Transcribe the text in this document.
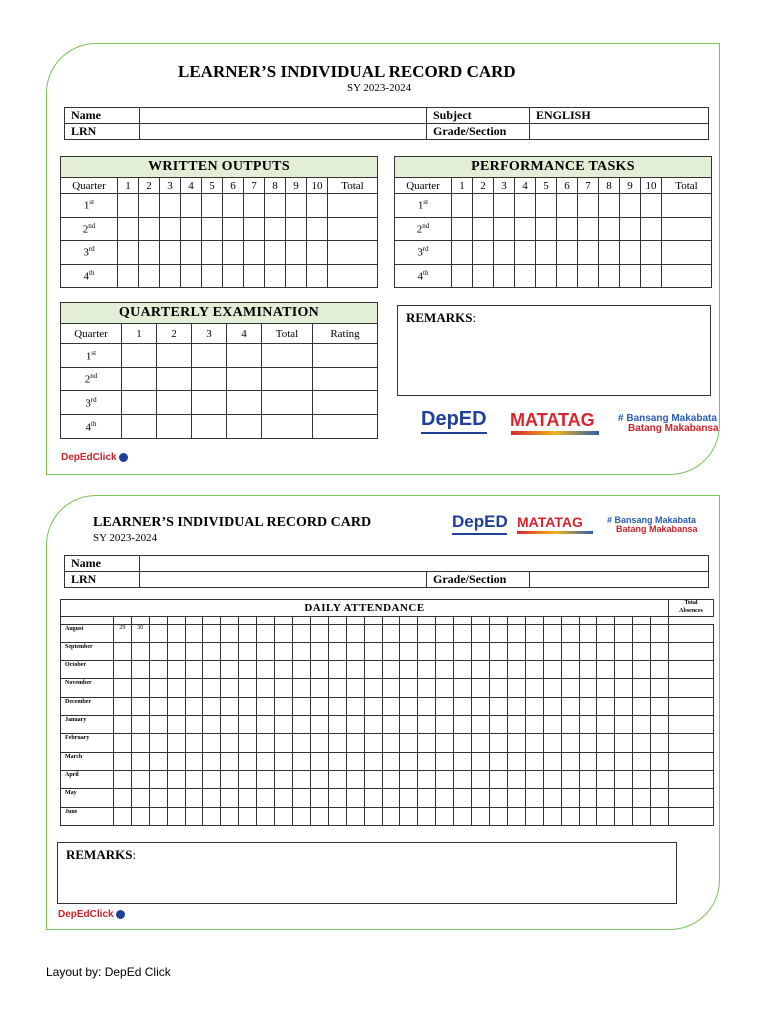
LEARNER’S INDIVIDUAL RECORD CARD
SY 2023-2024
Name		Subject	ENGLISH
LRN		Grade/Section	
WRITTEN OUTPUTS											
Quarter	1	2	3	4	5	6	7	8	9	10	Total
1st											
2nd											
3rd											
4th											
PERFORMANCE TASKS											
Quarter	1	2	3	4	5	6	7	8	9	10	Total
1st											
2nd											
3rd											
4th											
QUARTERLY EXAMINATION						
Quarter	1	2	3	4	Total	Rating
1st						
2nd						
3rd						
4th						
REMARKS:
DepED MATATAG # Bansang Makabata
Batang Makabansa
DepEdClick
LEARNER’S INDIVIDUAL RECORD CARD
SY 2023-2024
DepED MATATAG	# Bansang Makabata
Batang Makabansa
Name			
LRN		Grade/Section	
DAILY ATTENDANCE																																Total
Absences

August	29	30																														
September																																
October																																
November																																
December																																
January																																
February																																
March																																
April																																
May																																
June																																
REMARKS:
DepEdClick
Layout by: DepEd Click
